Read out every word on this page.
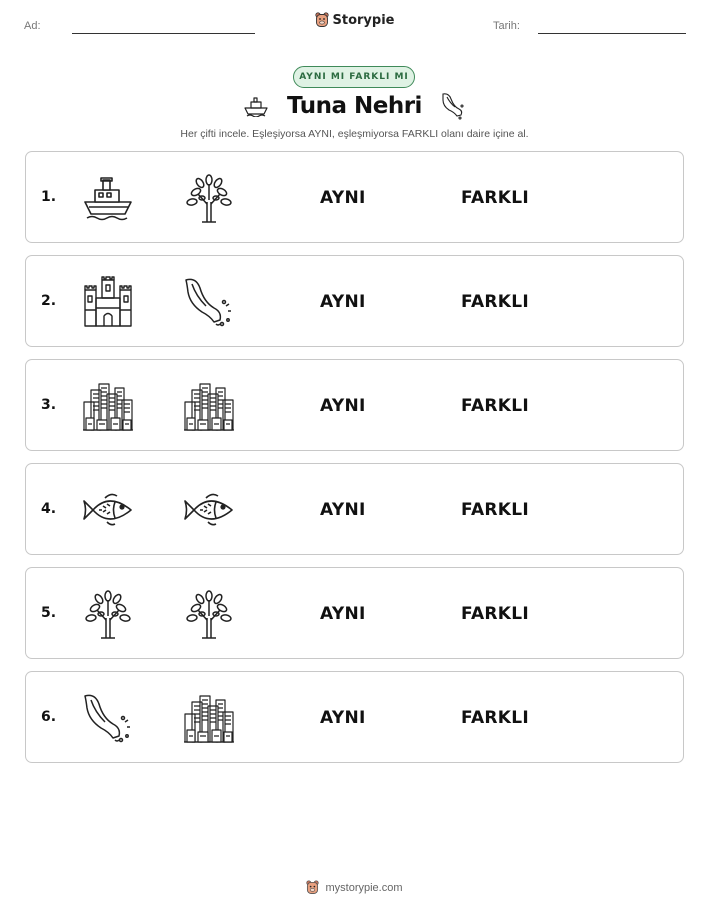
Ad:	Storypie	Tarih:
AYNI MI FARKLI MI
Tuna Nehri
Her çifti incele. Eşleşiyorsa AYNI, eşleşmiyorsa FARKLI olanı daire içine al.
1.	AYNI	FARKLI
2.	AYNI	FARKLI
3.	AYNI	FARKLI
4.	AYNI	FARKLI
5.	AYNI	FARKLI
6.	AYNI	FARKLI
mystorypie.com
